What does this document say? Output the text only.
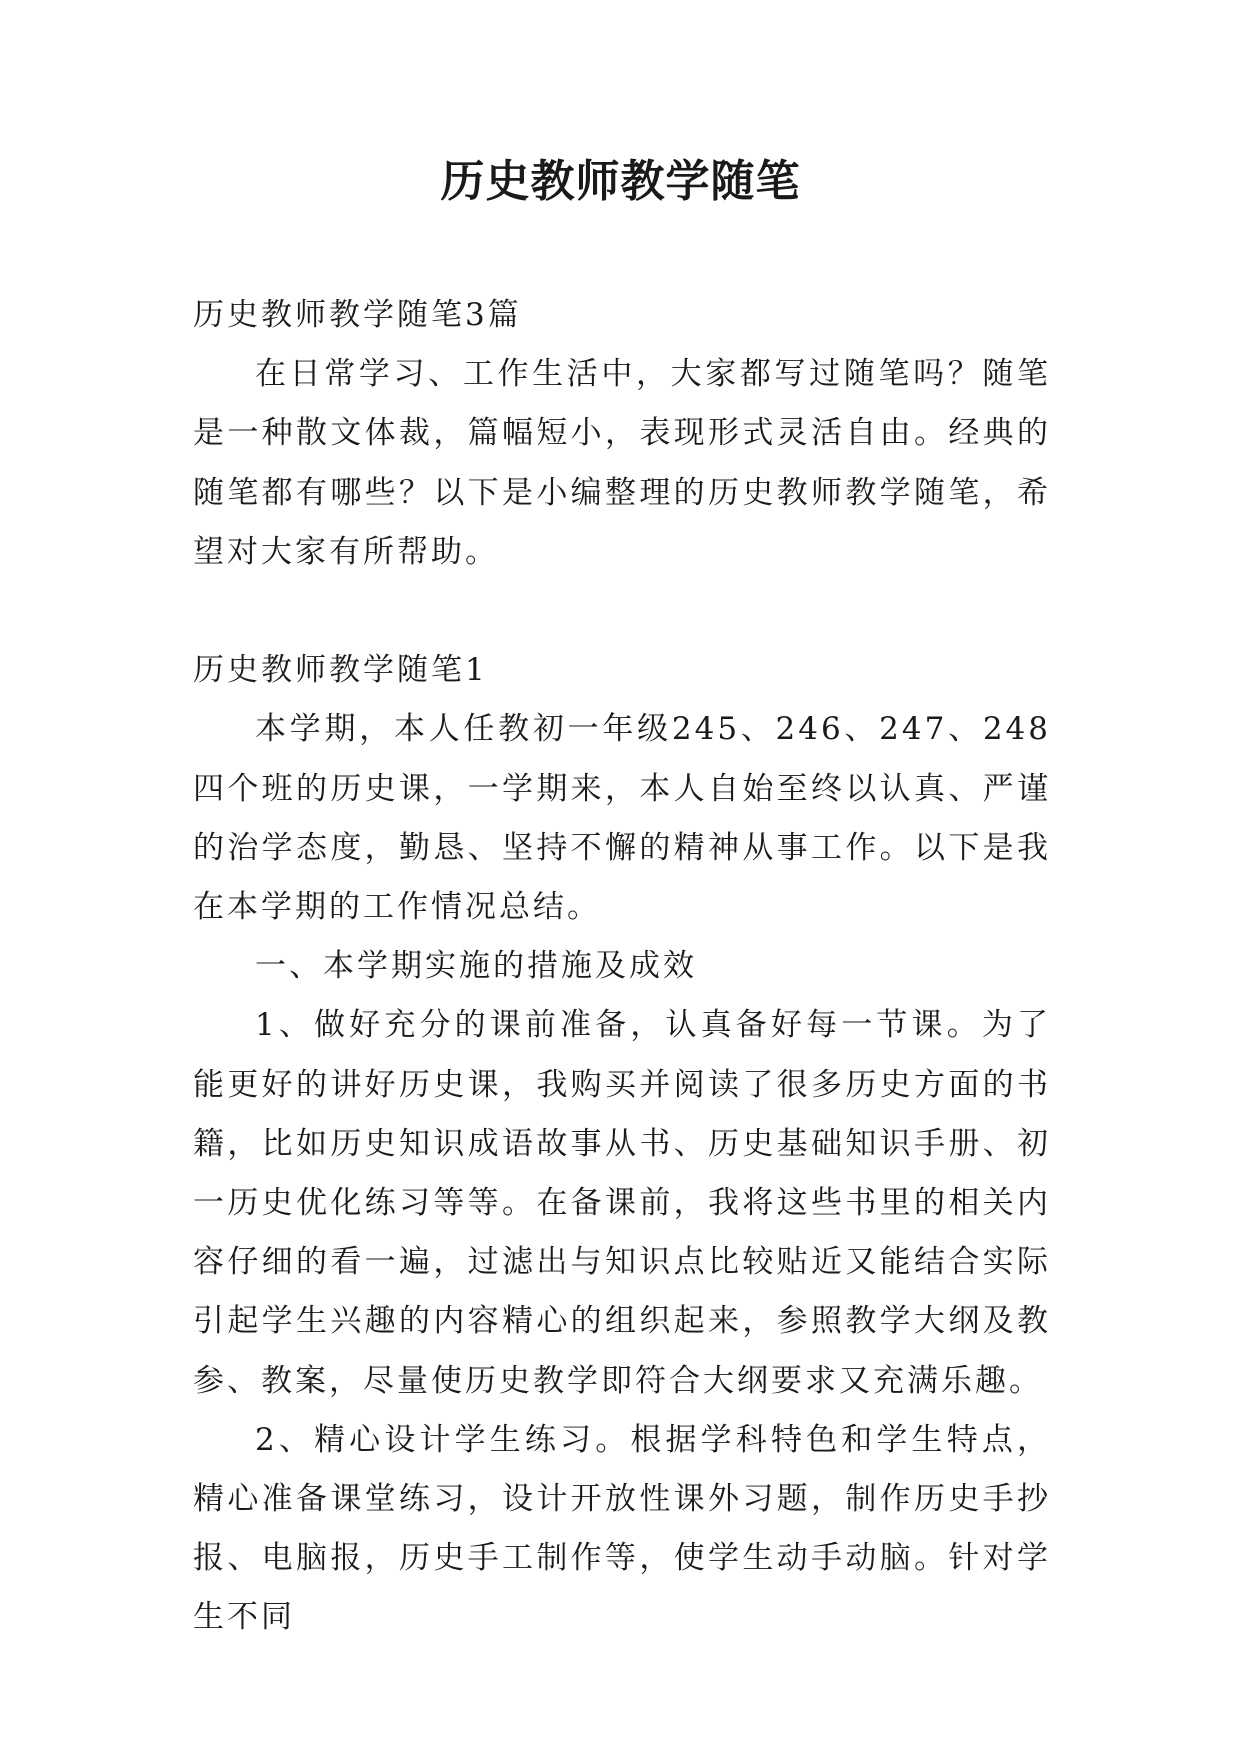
历史教师教学随笔

历史教师教学随笔3篇

在日常学习、工作生活中，大家都写过随笔吗？随笔是一种散文体裁，篇幅短小，表现形式灵活自由。经典的随笔都有哪些？以下是小编整理的历史教师教学随笔，希望对大家有所帮助。

历史教师教学随笔1

本学期，本人任教初一年级245、246、247、248四个班的历史课，一学期来，本人自始至终以认真、严谨的治学态度，勤恳、坚持不懈的精神从事工作。以下是我在本学期的工作情况总结。

一、本学期实施的措施及成效

1、做好充分的课前准备，认真备好每一节课。为了能更好的讲好历史课，我购买并阅读了很多历史方面的书籍，比如历史知识成语故事从书、历史基础知识手册、初一历史优化练习等等。在备课前，我将这些书里的相关内容仔细的看一遍，过滤出与知识点比较贴近又能结合实际引起学生兴趣的内容精心的组织起来，参照教学大纲及教参、教案，尽量使历史教学即符合大纲要求又充满乐趣。

2、精心设计学生练习。根据学科特色和学生特点，精心准备课堂练习，设计开放性课外习题，制作历史手抄报、电脑报，历史手工制作等，使学生动手动脑。针对学生不同
